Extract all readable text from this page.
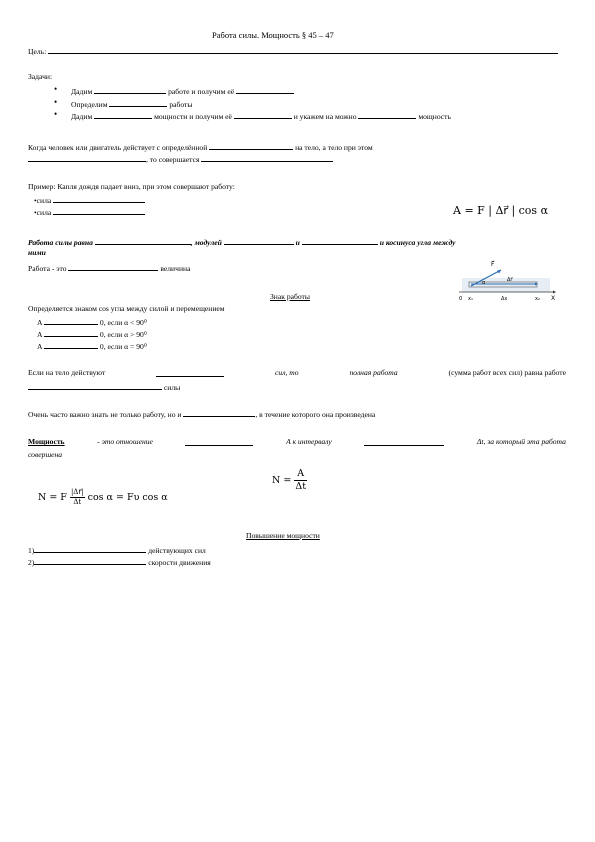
Работа силы. Мощность § 45 – 47
Цель:
Задачи:
• Дадим	работе и получим её
• Определим	работы
• Дадим	мощности и получим её	и укажем на можно	мощность
Когда человек или двигатель действует с определённой	на тело, а тело при этом
, то совершается
Пример: Капля дождя падает вниз, при этом совершают работу:
•сила
•сила	A = F | Δr⃗ | cos α
Работа силы равна	, модулей	и	и косинуса угла между
ними
Работа - это	величина	F⃗
α	Δr⃗
0 x₁	x₂
Δx	X
Знак работы
Определяется знаком cos угла между силой и перемещением
A	0, если α < 90⁰
A	0, если α > 90⁰
A	0, если α = 90⁰
Если на тело действуют	сил, то	полная работа	(сумма работ всех сил) равна работе
силы
Очень часто важно знать не только работу, но и	, в течение которого она произведена
Мощность	- это отношение	A к интервалу	Δt, за который эта работа
совершена
$N = \frac{A}{\Delta t}$
N = F $\frac{|\Delta r⃗|}{\Delta t}$ cos α = Fυ cos α
Повышение мощности
1)	действующих сил
2)	скорости движения
